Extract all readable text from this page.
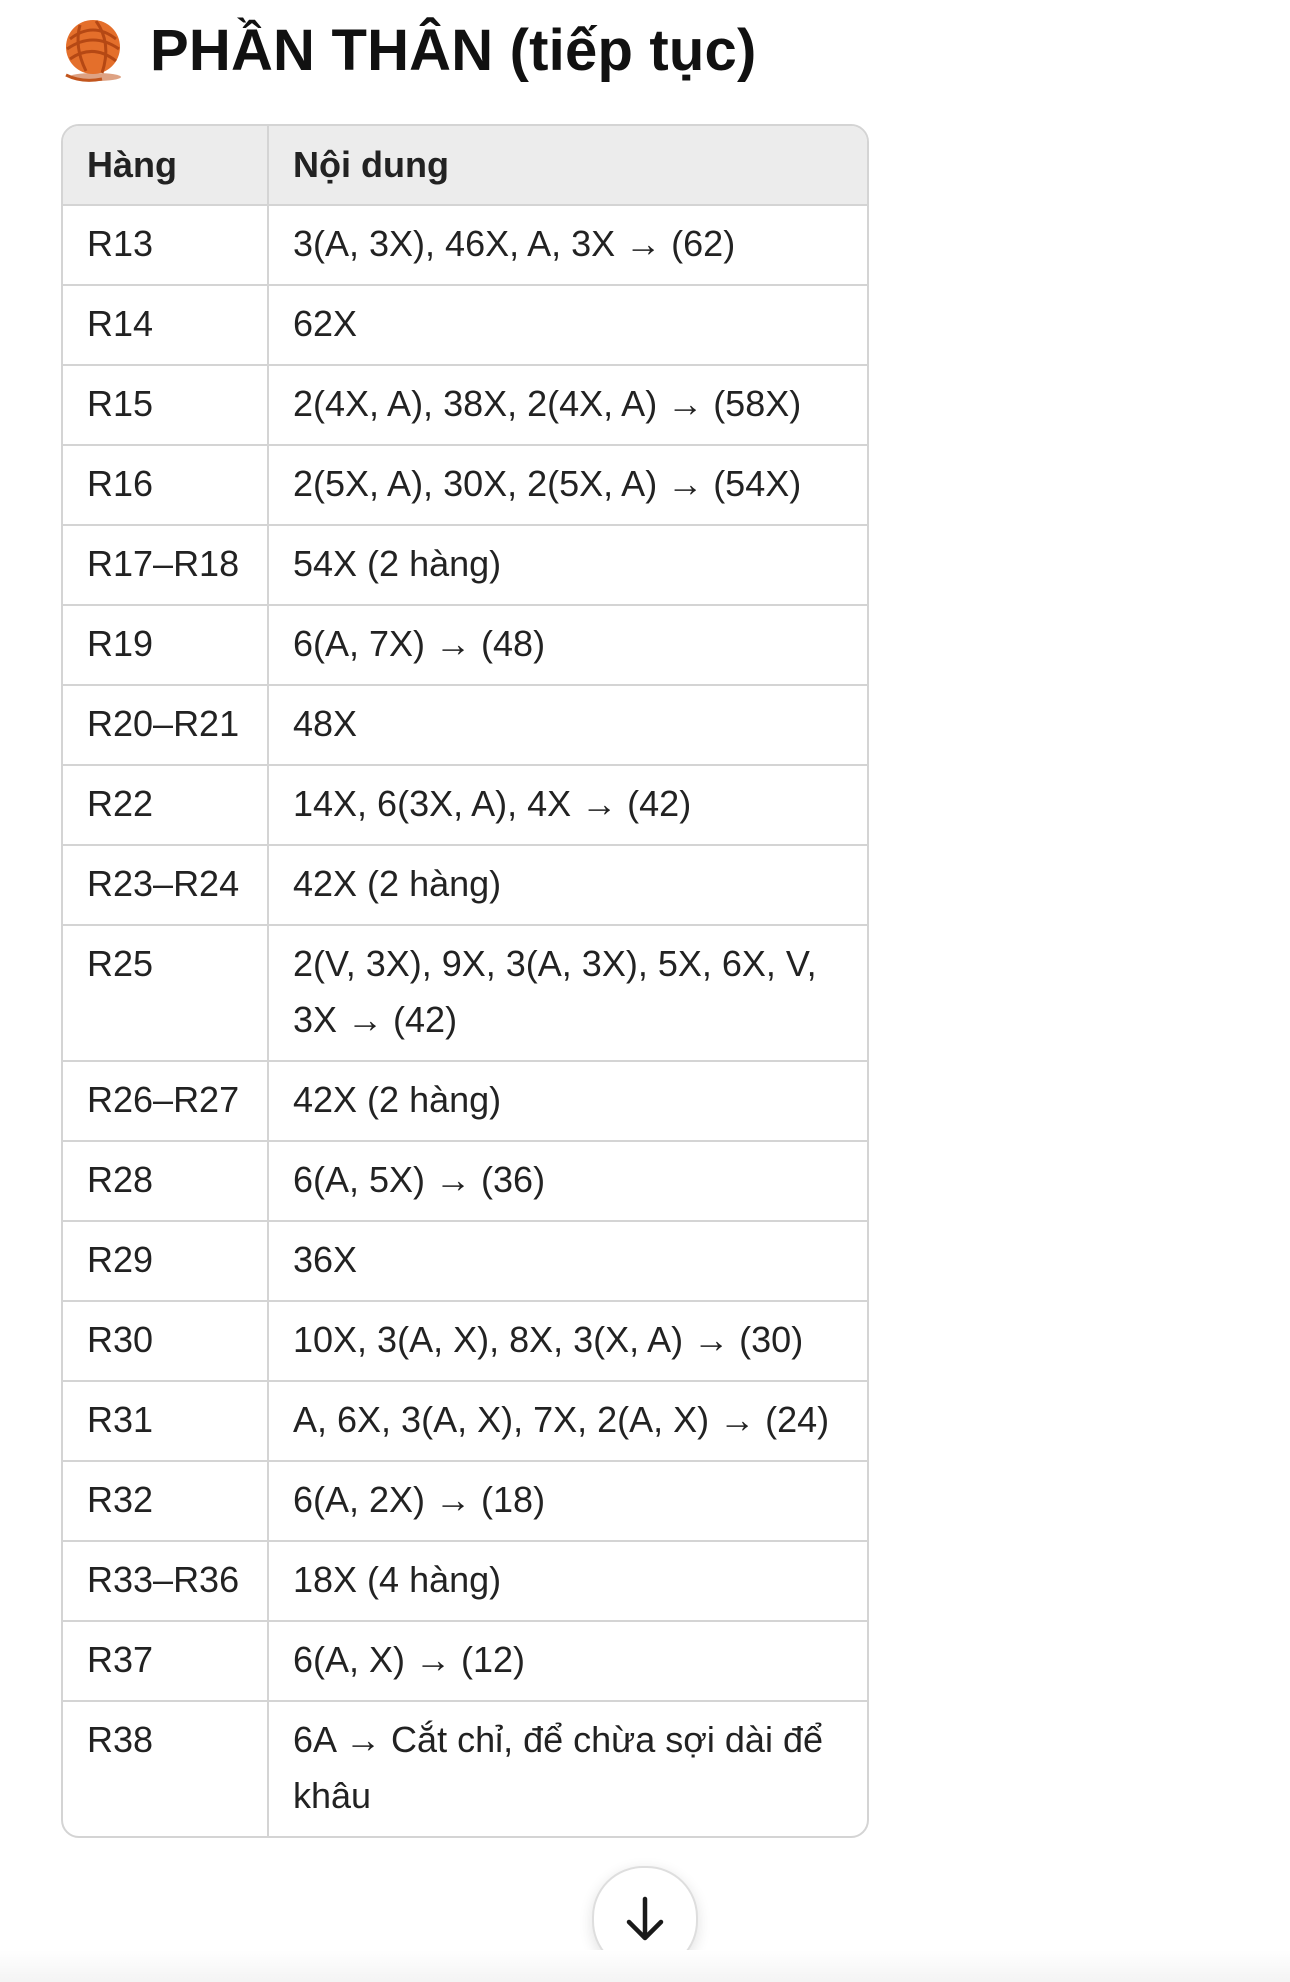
PHẦN THÂN (tiếp tục)
Hàng	Nội dung
R13	3(A, 3X), 46X, A, 3X → (62)
R14	62X
R15	2(4X, A), 38X, 2(4X, A) → (58X)
R16	2(5X, A), 30X, 2(5X, A) → (54X)
R17–R18	54X (2 hàng)
R19	6(A, 7X) → (48)
R20–R21	48X
R22	14X, 6(3X, A), 4X → (42)
R23–R24	42X (2 hàng)
R25	2(V, 3X), 9X, 3(A, 3X), 5X, 6X, V, 3X → (42)
R26–R27	42X (2 hàng)
R28	6(A, 5X) → (36)
R29	36X
R30	10X, 3(A, X), 8X, 3(X, A) → (30)
R31	A, 6X, 3(A, X), 7X, 2(A, X) → (24)
R32	6(A, 2X) → (18)
R33–R36	18X (4 hàng)
R37	6(A, X) → (12)
R38	6A → Cắt chỉ, để chừa sợi dài để khâu
